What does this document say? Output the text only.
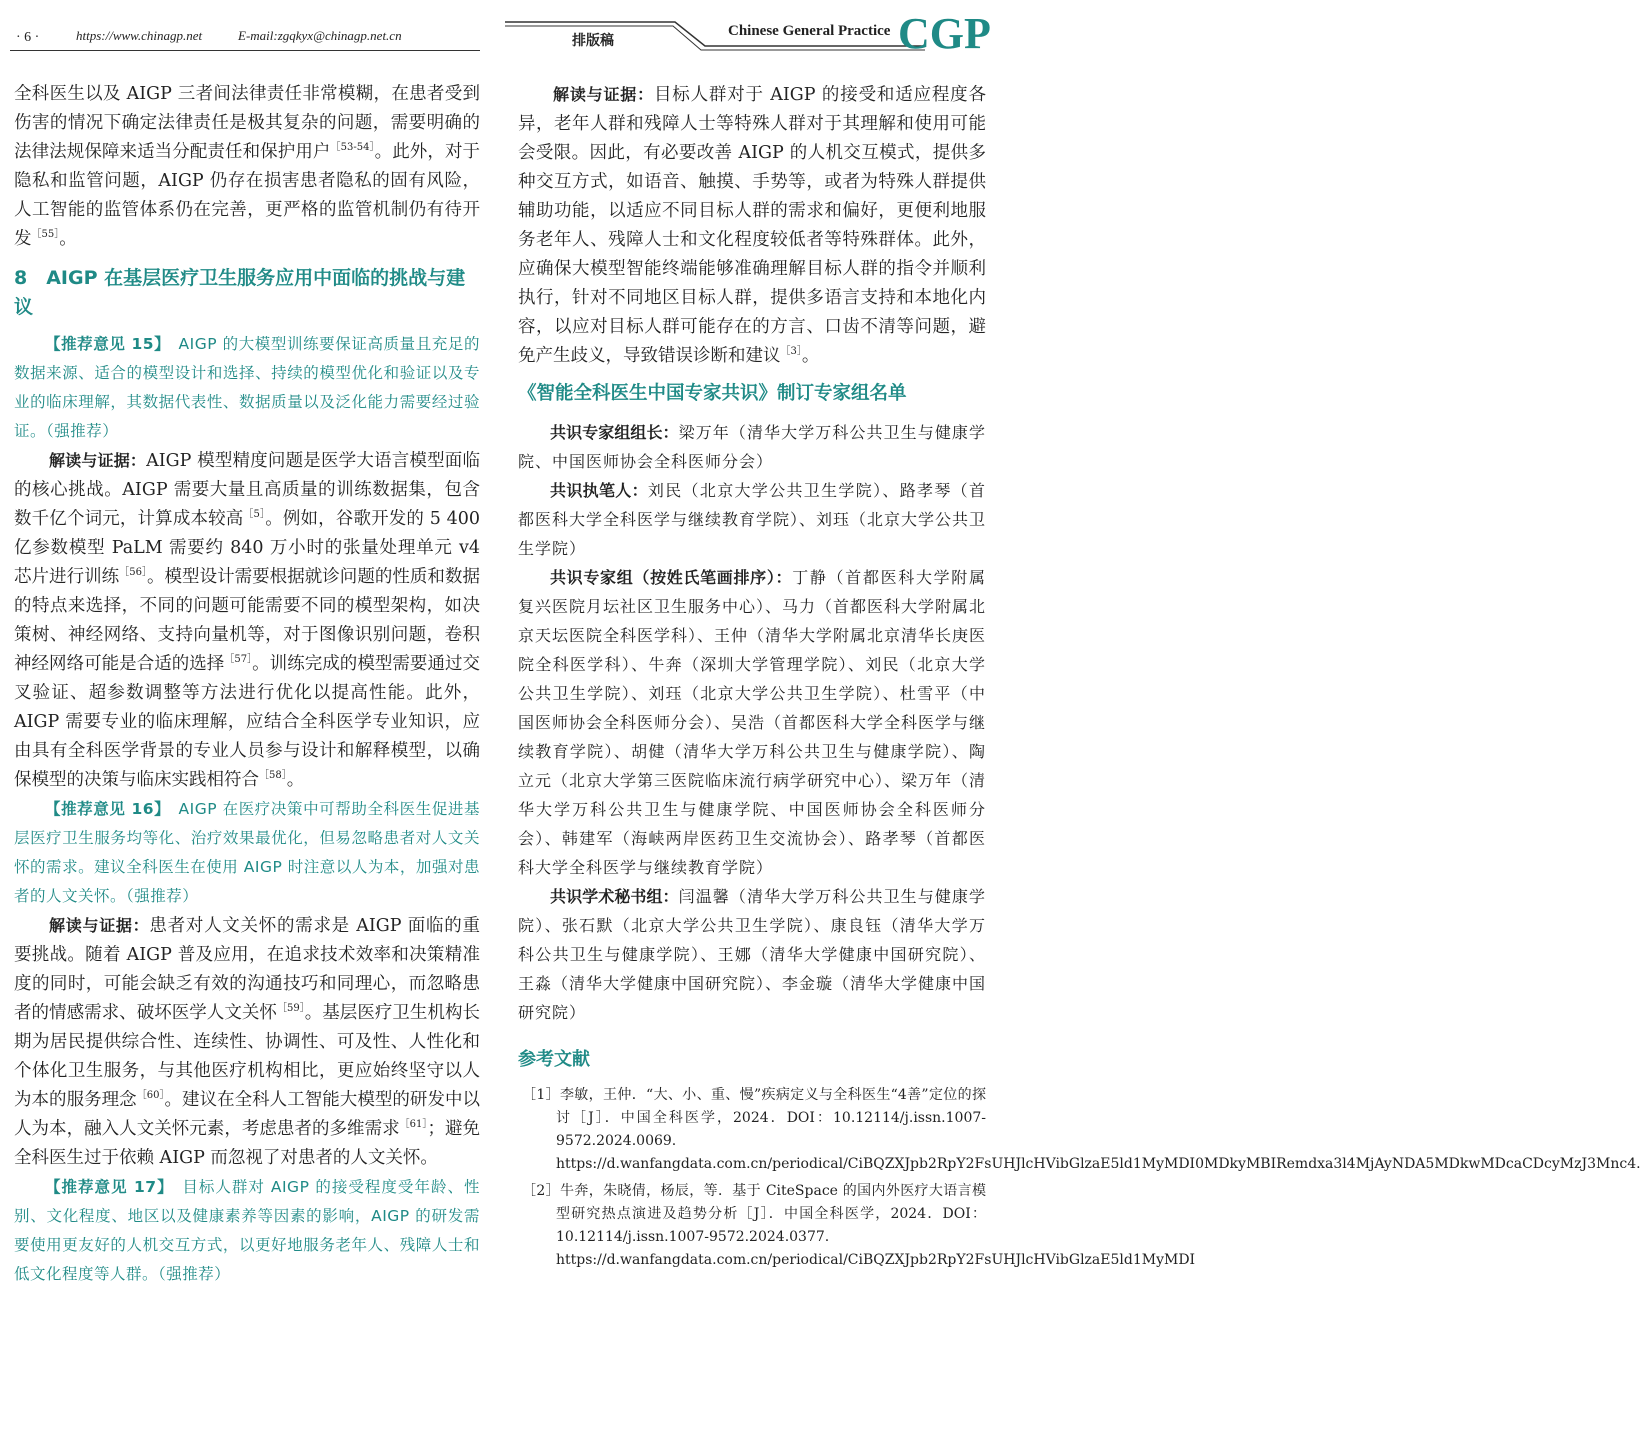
· 6 ·	https://www.chinagp.net	E-mail:zgqkyx@chinagp.net.cn	排版稿
Chinese General Practice CGP

全科医生以及 AIGP 三者间法律责任非常模糊，在患者受到伤害的情况下确定法律责任是极其复杂的问题，需要明确的法律法规保障来适当分配责任和保护用户$^{[53-54]}$。此外，对于隐私和监管问题，AIGP 仍存在损害患者隐私的固有风险，人工智能的监管体系仍在完善，更严格的监管机制仍有待开发$^{[55]}$。

8　AIGP 在基层医疗卫生服务应用中面临的挑战与建议

【推荐意见 15】　AIGP 的大模型训练要保证高质量且充足的数据来源、适合的模型设计和选择、持续的模型优化和验证以及专业的临床理解，其数据代表性、数据质量以及泛化能力需要经过验证。（强推荐）

解读与证据：AIGP 模型精度问题是医学大语言模型面临的核心挑战。AIGP 需要大量且高质量的训练数据集，包含数千亿个词元，计算成本较高$^{[5]}$。例如，谷歌开发的 5 400 亿参数模型 PaLM 需要约 840 万小时的张量处理单元 v4 芯片进行训练$^{[56]}$。模型设计需要根据就诊问题的性质和数据的特点来选择，不同的问题可能需要不同的模型架构，如决策树、神经网络、支持向量机等，对于图像识别问题，卷积神经网络可能是合适的选择$^{[57]}$。训练完成的模型需要通过交叉验证、超参数调整等方法进行优化以提高性能。此外，AIGP 需要专业的临床理解，应结合全科医学专业知识，应由具有全科医学背景的专业人员参与设计和解释模型，以确保模型的决策与临床实践相符合$^{[58]}$。

【推荐意见 16】　AIGP 在医疗决策中可帮助全科医生促进基层医疗卫生服务均等化、治疗效果最优化，但易忽略患者对人文关怀的需求。建议全科医生在使用 AIGP 时注意以人为本，加强对患者的人文关怀。（强推荐）

解读与证据：患者对人文关怀的需求是 AIGP 面临的重要挑战。随着 AIGP 普及应用，在追求技术效率和决策精准度的同时，可能会缺乏有效的沟通技巧和同理心，而忽略患者的情感需求、破坏医学人文关怀$^{[59]}$。基层医疗卫生机构长期为居民提供综合性、连续性、协调性、可及性、人性化和个体化卫生服务，与其他医疗机构相比，更应始终坚守以人为本的服务理念$^{[60]}$。建议在全科人工智能大模型的研发中以人为本，融入人文关怀元素，考虑患者的多维需求$^{[61]}$；避免全科医生过于依赖 AIGP 而忽视了对患者的人文关怀。

【推荐意见 17】　目标人群对 AIGP 的接受程度受年龄、性别、文化程度、地区以及健康素养等因素的影响，AIGP 的研发需要使用更友好的人机交互方式，以更好地服务老年人、残障人士和低文化程度等人群。（强推荐）

解读与证据：目标人群对于 AIGP 的接受和适应程度各异，老年人群和残障人士等特殊人群对于其理解和使用可能会受限。因此，有必要改善 AIGP 的人机交互模式，提供多种交互方式，如语音、触摸、手势等，或者为特殊人群提供辅助功能，以适应不同目标人群的需求和偏好，更便利地服务老年人、残障人士和文化程度较低者等特殊群体。此外，应确保大模型智能终端能够准确理解目标人群的指令并顺利执行，针对不同地区目标人群，提供多语言支持和本地化内容，以应对目标人群可能存在的方言、口齿不清等问题，避免产生歧义，导致错误诊断和建议$^{[3]}$。

《智能全科医生中国专家共识》制订专家组名单

共识专家组组长：梁万年（清华大学万科公共卫生与健康学院、中国医师协会全科医师分会）

共识执笔人：刘民（北京大学公共卫生学院）、路孝琴（首都医科大学全科医学与继续教育学院）、刘珏（北京大学公共卫生学院）

共识专家组（按姓氏笔画排序）：丁静（首都医科大学附属复兴医院月坛社区卫生服务中心）、马力（首都医科大学附属北京天坛医院全科医学科）、王仲（清华大学附属北京清华长庚医院全科医学科）、牛奔（深圳大学管理学院）、刘民（北京大学公共卫生学院）、刘珏（北京大学公共卫生学院）、杜雪平（中国医师协会全科医师分会）、吴浩（首都医科大学全科医学与继续教育学院）、胡健（清华大学万科公共卫生与健康学院）、陶立元（北京大学第三医院临床流行病学研究中心）、梁万年（清华大学万科公共卫生与健康学院、中国医师协会全科医师分会）、韩建军（海峡两岸医药卫生交流协会）、路孝琴（首都医科大学全科医学与继续教育学院）

共识学术秘书组：闫温馨（清华大学万科公共卫生与健康学院）、张石默（北京大学公共卫生学院）、康良钰（清华大学万科公共卫生与健康学院）、王娜（清华大学健康中国研究院）、王淼（清华大学健康中国研究院）、李金璇（清华大学健康中国研究院）

参考文献

［1］李敏，王仲．“大、小、重、慢”疾病定义与全科医生“4善”定位的探讨［J］．中国全科医学，2024．DOI：10.12114/j.issn.1007-9572.2024.0069. https://d.wanfangdata.com.cn/periodical/CiBQZXJpb2RpY2FsUHJlcHVibGlzaE5ld1MyMDI0MDkyMBIRemdxa3l4MjAyNDA5MDkwMDcaCDcyMzJ3Mnc4.

［2］牛奔，朱晓倩，杨辰，等．基于 CiteSpace 的国内外医疗大语言模型研究热点演进及趋势分析［J］．中国全科医学，2024．DOI：10.12114/j.issn.1007-9572.2024.0377. https://d.wanfangdata.com.cn/periodical/CiBQZXJpb2RpY2FsUHJlcHVibGlzaE5ld1MyMDI
